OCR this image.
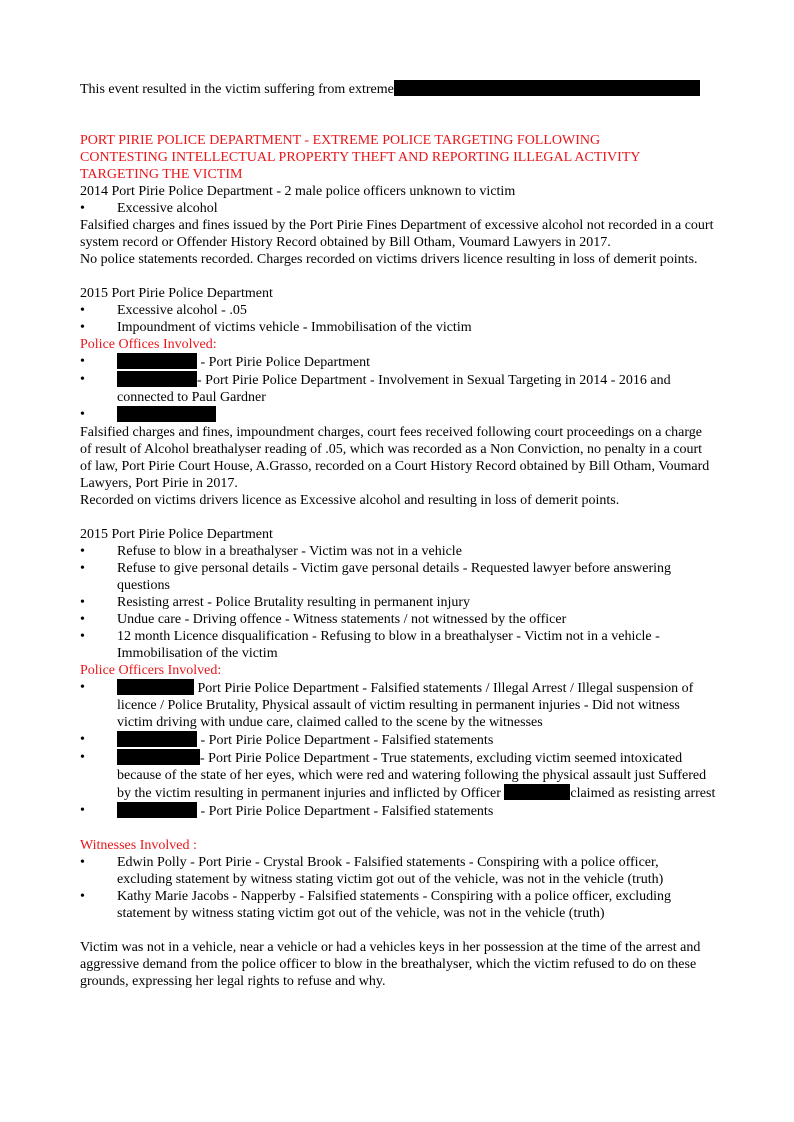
This event resulted in the victim suffering from extreme

PORT PIRIE POLICE DEPARTMENT - EXTREME POLICE TARGETING FOLLOWING

CONTESTING INTELLECTUAL PROPERTY THEFT AND REPORTING ILLEGAL ACTIVITY

TARGETING THE VICTIM

2014 Port Pirie Police Department - 2 male police officers unknown to victim

• Excessive alcohol

Falsified charges and fines issued by the Port Pirie Fines Department of excessive alcohol not recorded in a court system record or Offender History Record obtained by Bill Otham, Voumard Lawyers in 2017.

No police statements recorded. Charges recorded on victims drivers licence resulting in loss of demerit points.

2015 Port Pirie Police Department

• Excessive alcohol - .05
• Impoundment of victims vehicle - Immobilisation of the victim

Police Offices Involved:

• - Port Pirie Police Department
• - Port Pirie Police Department - Involvement in Sexual Targeting in 2014 - 2016 and connected to Paul Gardner
•

Falsified charges and fines, impoundment charges, court fees received following court proceedings on a charge of result of Alcohol breathalyser reading of .05, which was recorded as a Non Conviction, no penalty in a court of law, Port Pirie Court House, A.Grasso, recorded on a Court History Record obtained by Bill Otham, Voumard Lawyers, Port Pirie in 2017.

Recorded on victims drivers licence as Excessive alcohol and resulting in loss of demerit points.

2015 Port Pirie Police Department

• Refuse to blow in a breathalyser - Victim was not in a vehicle
• Refuse to give personal details - Victim gave personal details - Requested lawyer before answering questions
• Resisting arrest - Police Brutality resulting in permanent injury
• Undue care - Driving offence - Witness statements / not witnessed by the officer
• 12 month Licence disqualification - Refusing to blow in a breathalyser - Victim not in a vehicle - Immobilisation of the victim

Police Officers Involved:

• Port Pirie Police Department - Falsified statements / Illegal Arrest / Illegal suspension of licence / Police Brutality, Physical assault of victim resulting in permanent injuries - Did not witness victim driving with undue care, claimed called to the scene by the witnesses
• - Port Pirie Police Department - Falsified statements
• - Port Pirie Police Department - True statements, excluding victim seemed intoxicated because of the state of her eyes, which were red and watering following the physical assault just Suffered by the victim resulting in permanent injuries and inflicted by Officer	claimed as resisting arrest
• - Port Pirie Police Department - Falsified statements

Witnesses Involved :

• Edwin Polly - Port Pirie - Crystal Brook - Falsified statements - Conspiring with a police officer, excluding statement by witness stating victim got out of the vehicle, was not in the vehicle (truth)
• Kathy Marie Jacobs - Napperby - Falsified statements - Conspiring with a police officer, excluding statement by witness stating victim got out of the vehicle, was not in the vehicle (truth)

Victim was not in a vehicle, near a vehicle or had a vehicles keys in her possession at the time of the arrest and aggressive demand from the police officer to blow in the breathalyser, which the victim refused to do on these grounds, expressing her legal rights to refuse and why.
